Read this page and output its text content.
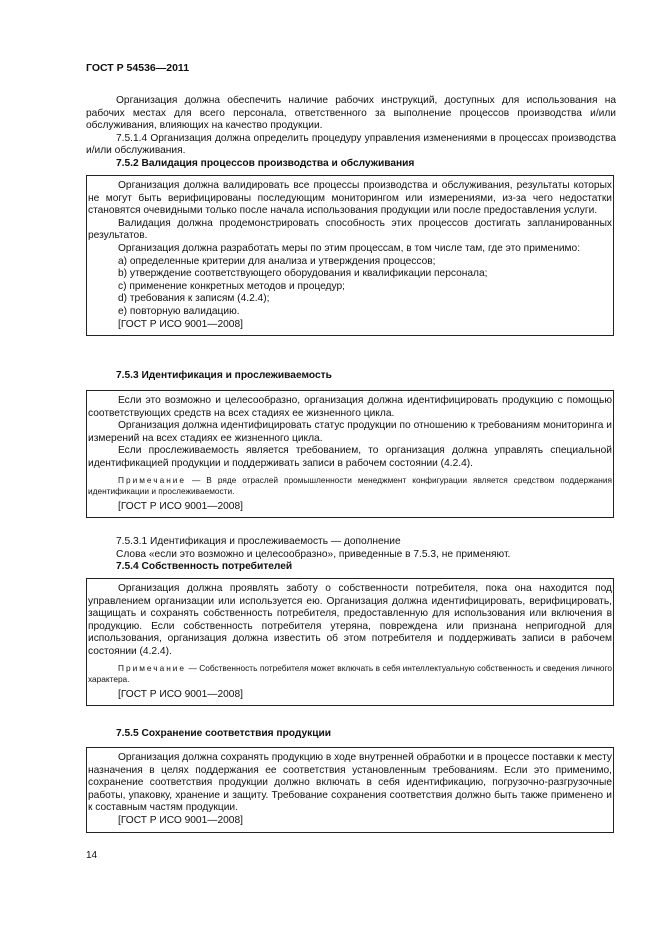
ГОСТ Р 54536—2011

Организация должна обеспечить наличие рабочих инструкций, доступных для использования на рабочих местах для всего персонала, ответственного за выполнение процессов производства и/или обслуживания, влияющих на качество продукции.

7.5.1.4 Организация должна определить процедуру управления изменениями в процессах производства и/или обслуживания.

7.5.2 Валидация процессов производства и обслуживания

Организация должна валидировать все процессы производства и обслуживания, результаты которых не могут быть верифицированы последующим мониторингом или измерениями, из-за чего недостатки становятся очевидными только после начала использования продукции или после предоставления услуги.

Валидация должна продемонстрировать способность этих процессов достигать запланированных результатов.

Организация должна разработать меры по этим процессам, в том числе там, где это применимо:

a) определенные критерии для анализа и утверждения процессов;

b) утверждение соответствующего оборудования и квалификации персонала;

c) применение конкретных методов и процедур;

d) требования к записям (4.2.4);

e) повторную валидацию.

[ГОСТ Р ИСО 9001—2008]

7.5.3 Идентификация и прослеживаемость

Если это возможно и целесообразно, организация должна идентифицировать продукцию с помощью соответствующих средств на всех стадиях ее жизненного цикла.

Организация должна идентифицировать статус продукции по отношению к требованиям мониторинга и измерений на всех стадиях ее жизненного цикла.

Если прослеживаемость является требованием, то организация должна управлять специальной идентификацией продукции и поддерживать записи в рабочем состоянии (4.2.4).

Примечание — В ряде отраслей промышленности менеджмент конфигурации является средством поддержания идентификации и прослеживаемости.

[ГОСТ Р ИСО 9001—2008]

7.5.3.1 Идентификация и прослеживаемость — дополнение

Слова «если это возможно и целесообразно», приведенные в 7.5.3, не применяют.

7.5.4 Собственность потребителей

Организация должна проявлять заботу о собственности потребителя, пока она находится под управлением организации или используется ею. Организация должна идентифицировать, верифицировать, защищать и сохранять собственность потребителя, предоставленную для использования или включения в продукцию. Если собственность потребителя утеряна, повреждена или признана непригодной для использования, организация должна известить об этом потребителя и поддерживать записи в рабочем состоянии (4.2.4).

Примечание — Собственность потребителя может включать в себя интеллектуальную собственность и сведения личного характера.

[ГОСТ Р ИСО 9001—2008]

7.5.5 Сохранение соответствия продукции

Организация должна сохранять продукцию в ходе внутренней обработки и в процессе поставки к месту назначения в целях поддержания ее соответствия установленным требованиям. Если это применимо, сохранение соответствия продукции должно включать в себя идентификацию, погрузочно-разгрузочные работы, упаковку, хранение и защиту. Требование сохранения соответствия должно быть также применено и к составным частям продукции.

[ГОСТ Р ИСО 9001—2008]

14
